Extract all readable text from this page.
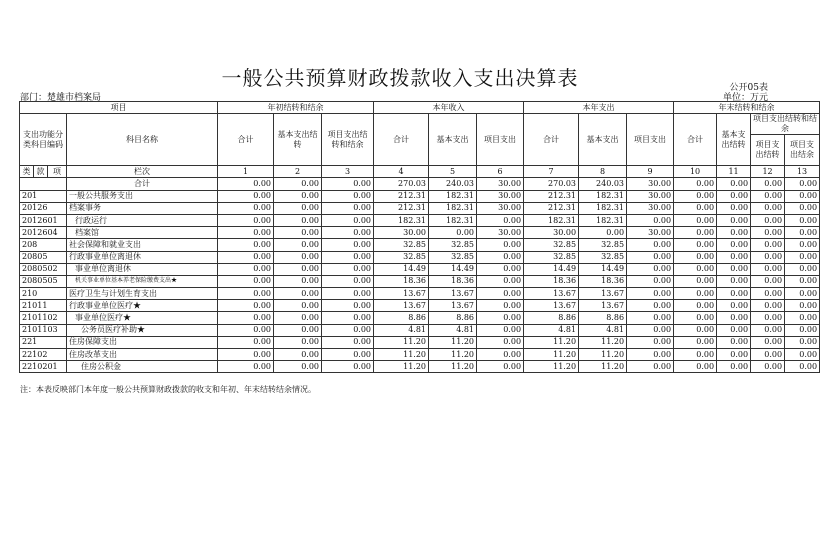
一般公共预算财政拨款收入支出决算表	公开05表
部门：楚雄市档案局	单位：万元
项目				年初结转和结余			本年收入			本年支出			年末结转和结余			
支出功能分类科目编码			科目名称	合计	基本支出结转	项目支出结转和结余	合计	基本支出	项目支出	合计	基本支出	项目支出	合计	基本支出结转	项目支出结转和结余	
															项目支出结转	项目支出结余
类	款	项	栏次	1	2	3	4	5	6	7	8	9	10	11	12	13
			合计	0.00	0.00	0.00	270.03	240.03	30.00	270.03	240.03	30.00	0.00	0.00	0.00	0.00
201			一般公共服务支出	0.00	0.00	0.00	212.31	182.31	30.00	212.31	182.31	30.00	0.00	0.00	0.00	0.00
20126			档案事务	0.00	0.00	0.00	212.31	182.31	30.00	212.31	182.31	30.00	0.00	0.00	0.00	0.00
2012601			行政运行	0.00	0.00	0.00	182.31	182.31	0.00	182.31	182.31	0.00	0.00	0.00	0.00	0.00
2012604			档案馆	0.00	0.00	0.00	30.00	0.00	30.00	30.00	0.00	30.00	0.00	0.00	0.00	0.00
208			社会保障和就业支出	0.00	0.00	0.00	32.85	32.85	0.00	32.85	32.85	0.00	0.00	0.00	0.00	0.00
20805			行政事业单位离退休	0.00	0.00	0.00	32.85	32.85	0.00	32.85	32.85	0.00	0.00	0.00	0.00	0.00
2080502			事业单位离退休	0.00	0.00	0.00	14.49	14.49	0.00	14.49	14.49	0.00	0.00	0.00	0.00	0.00
2080505			机关事业单位基本养老保险缴费支出★	0.00	0.00	0.00	18.36	18.36	0.00	18.36	18.36	0.00	0.00	0.00	0.00	0.00
210			医疗卫生与计划生育支出	0.00	0.00	0.00	13.67	13.67	0.00	13.67	13.67	0.00	0.00	0.00	0.00	0.00
21011			行政事业单位医疗★	0.00	0.00	0.00	13.67	13.67	0.00	13.67	13.67	0.00	0.00	0.00	0.00	0.00
2101102			事业单位医疗★	0.00	0.00	0.00	8.86	8.86	0.00	8.86	8.86	0.00	0.00	0.00	0.00	0.00
2101103			公务员医疗补助★	0.00	0.00	0.00	4.81	4.81	0.00	4.81	4.81	0.00	0.00	0.00	0.00	0.00
221			住房保障支出	0.00	0.00	0.00	11.20	11.20	0.00	11.20	11.20	0.00	0.00	0.00	0.00	0.00
22102			住房改革支出	0.00	0.00	0.00	11.20	11.20	0.00	11.20	11.20	0.00	0.00	0.00	0.00	0.00
2210201			住房公积金	0.00	0.00	0.00	11.20	11.20	0.00	11.20	11.20	0.00	0.00	0.00	0.00	0.00
注：本表反映部门本年度一般公共预算财政拨款的收支和年初、年末结转结余情况。
